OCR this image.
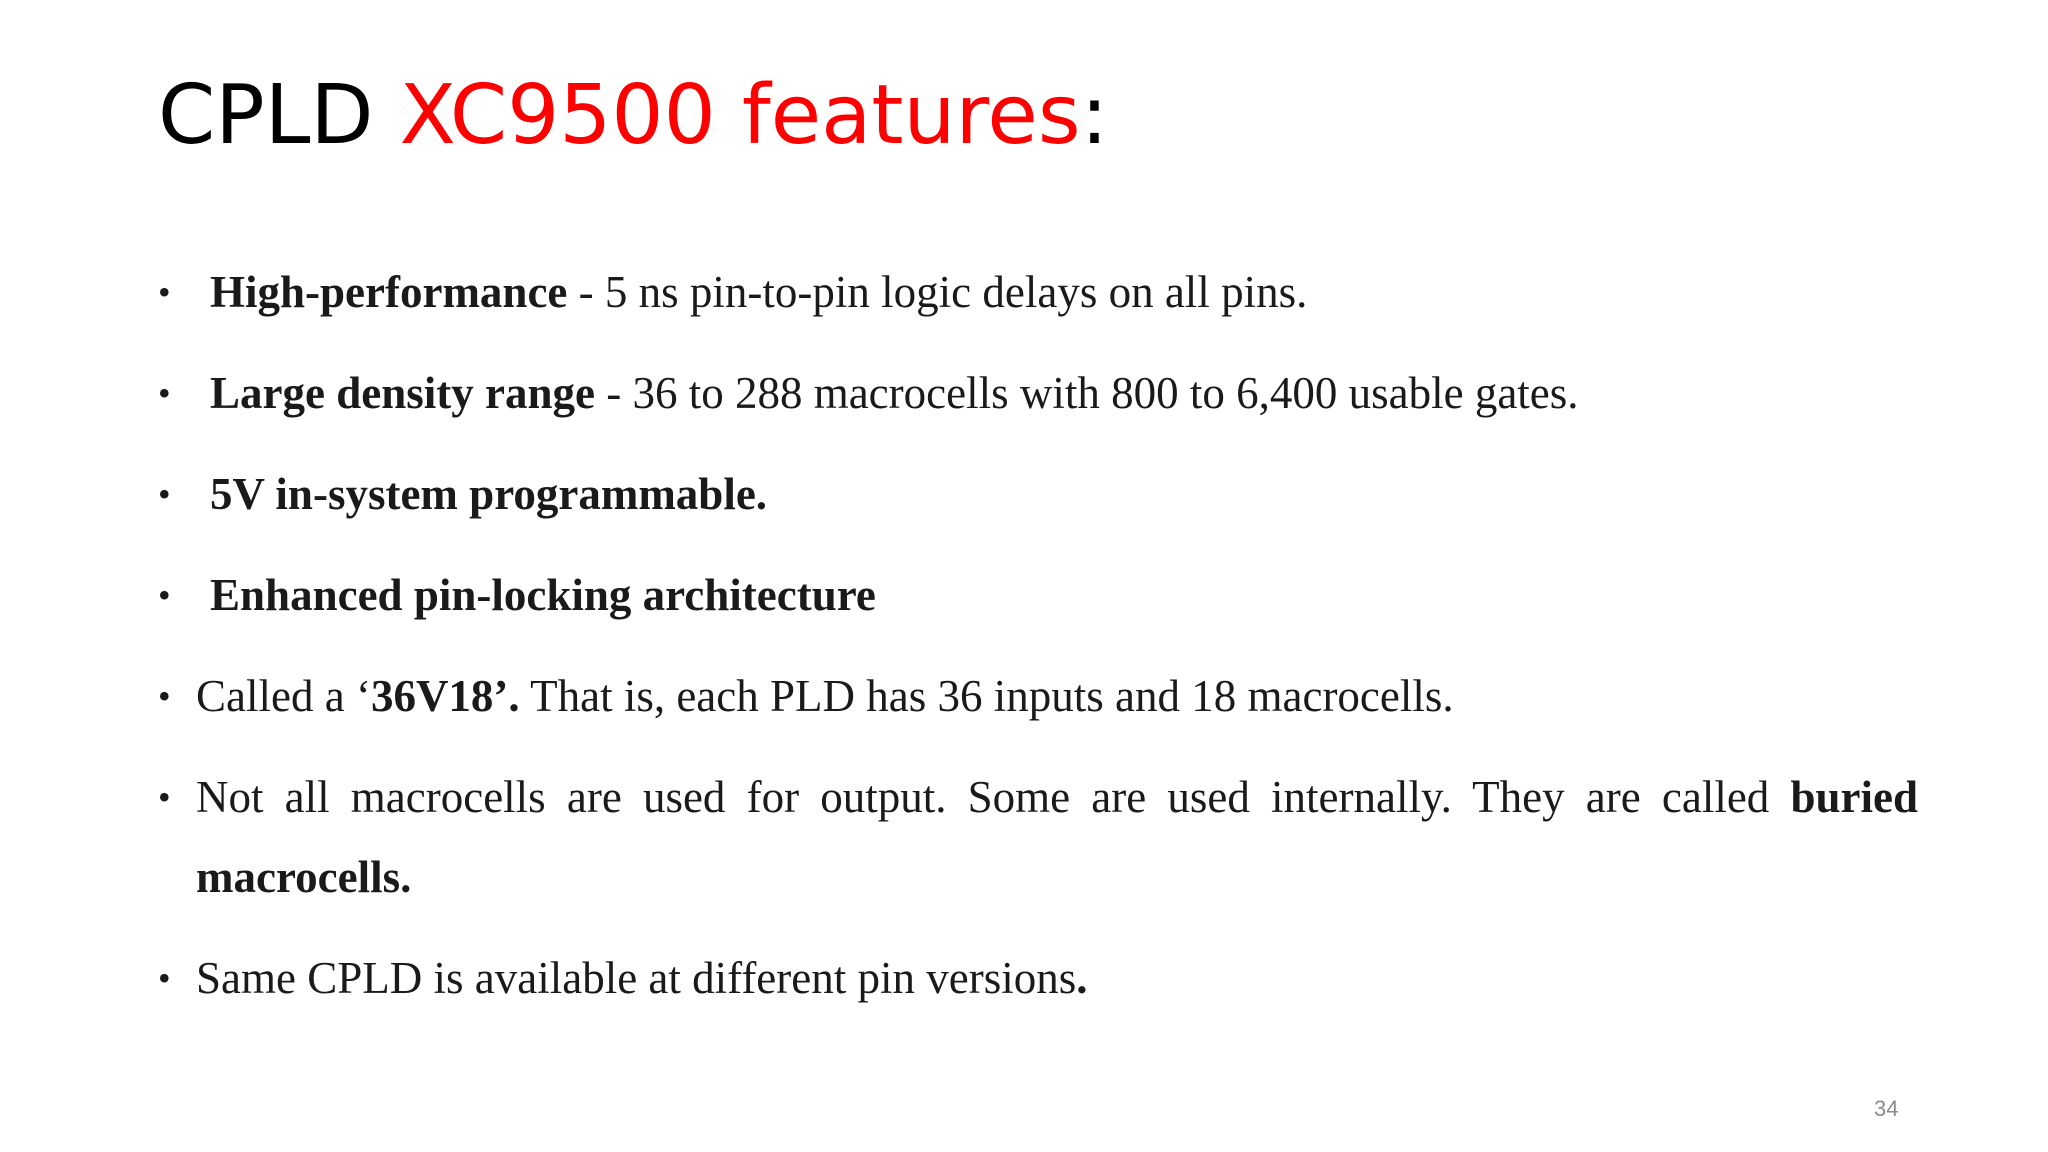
CPLD XC9500 features:
• High-performance - 5 ns pin-to-pin logic delays on all pins.
• Large density range - 36 to 288 macrocells with 800 to 6,400 usable gates.
• 5V in-system programmable.
• Enhanced pin-locking architecture
• Called a ‘36V18’. That is, each PLD has 36 inputs and 18 macrocells.
• Not all macrocells are used for output. Some are used internally. They are called buried macrocells.
• Same CPLD is available at different pin versions.
34
